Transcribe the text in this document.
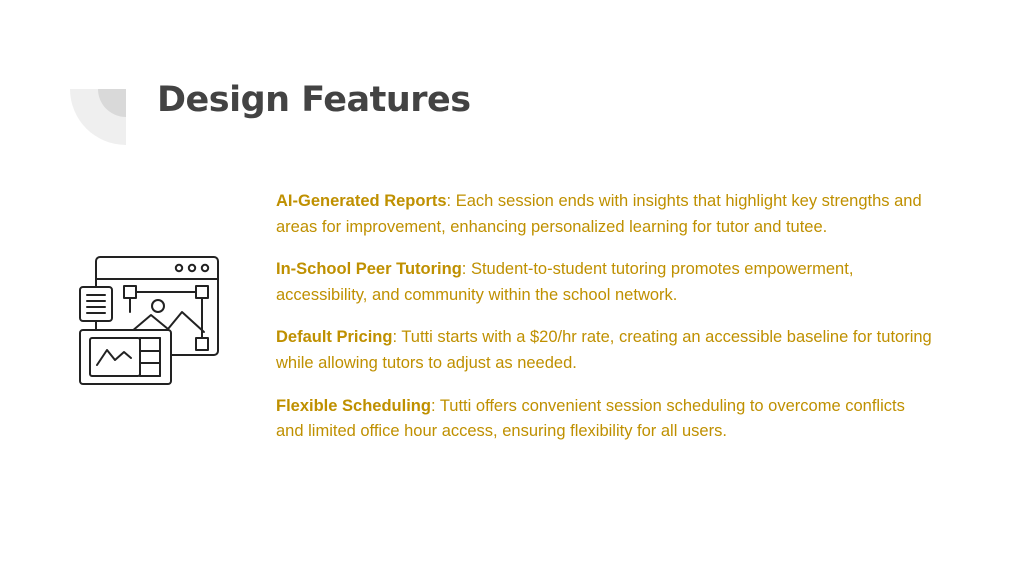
Design Features

AI-Generated Reports: Each session ends with insights that highlight key strengths and areas for improvement, enhancing personalized learning for tutor and tutee.

In-School Peer Tutoring: Student-to-student tutoring promotes empowerment, accessibility, and community within the school network.

Default Pricing: Tutti starts with a $20/hr rate, creating an accessible baseline for tutoring while allowing tutors to adjust as needed.

Flexible Scheduling: Tutti offers convenient session scheduling to overcome conflicts and limited office hour access, ensuring flexibility for all users.
